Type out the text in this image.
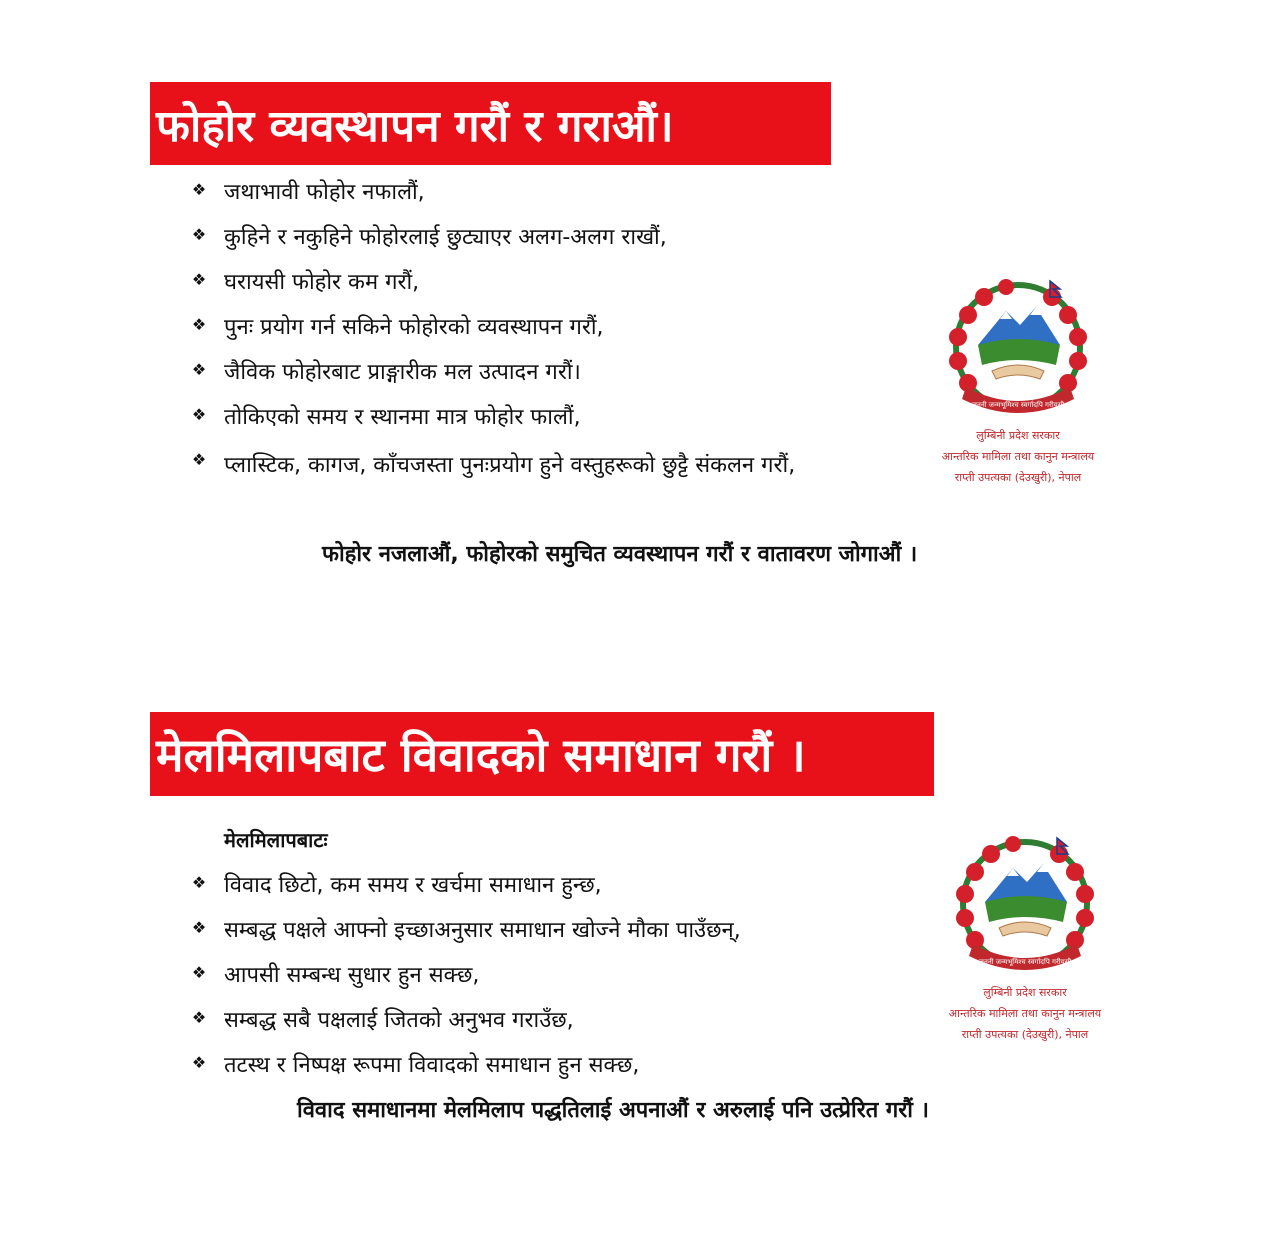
फोहोर व्यवस्थापन गरौं र गराऔं।
❖ जथाभावी फोहोर नफालौं,
❖ कुहिने र नकुहिने फोहोरलाई छुट्याएर अलग-अलग राखौं,
❖ घरायसी फोहोर कम गरौं,
❖ पुनः प्रयोग गर्न सकिने फोहोरको व्यवस्थापन गरौं,
❖ जैविक फोहोरबाट प्राङ्गारीक मल उत्पादन गरौं।
❖ तोकिएको समय र स्थानमा मात्र फोहोर फालौं,
❖ प्लास्टिक, कागज, काँचजस्ता पुनःप्रयोग हुने वस्तुहरूको छुट्टै संकलन गरौं,
फोहोर नजलाऔं, फोहोरको समुचित व्यवस्थापन गरौं र वातावरण जोगाऔं ।
जननी जन्मभूमिश्च स्वर्गादपि गरीयसी
लुम्बिनी प्रदेश सरकार
आन्तरिक मामिला तथा कानुन मन्त्रालय
राप्ती उपत्यका (देउखुरी), नेपाल
मेलमिलापबाट विवादको समाधान गरौं ।
मेलमिलापबाटः
❖ विवाद छिटो, कम समय र खर्चमा समाधान हुन्छ,
❖ सम्बद्ध पक्षले आफ्नो इच्छाअनुसार समाधान खोज्ने मौका पाउँछन्,
❖ आपसी सम्बन्ध सुधार हुन सक्छ,
❖ सम्बद्ध सबै पक्षलाई जितको अनुभव गराउँछ,
❖ तटस्थ र निष्पक्ष रूपमा विवादको समाधान हुन सक्छ,
विवाद समाधानमा मेलमिलाप पद्धतिलाई अपनाऔं र अरुलाई पनि उत्प्रेरित गरौं ।
जननी जन्मभूमिश्च स्वर्गादपि गरीयसी
लुम्बिनी प्रदेश सरकार
आन्तरिक मामिला तथा कानुन मन्त्रालय
राप्ती उपत्यका (देउखुरी), नेपाल
